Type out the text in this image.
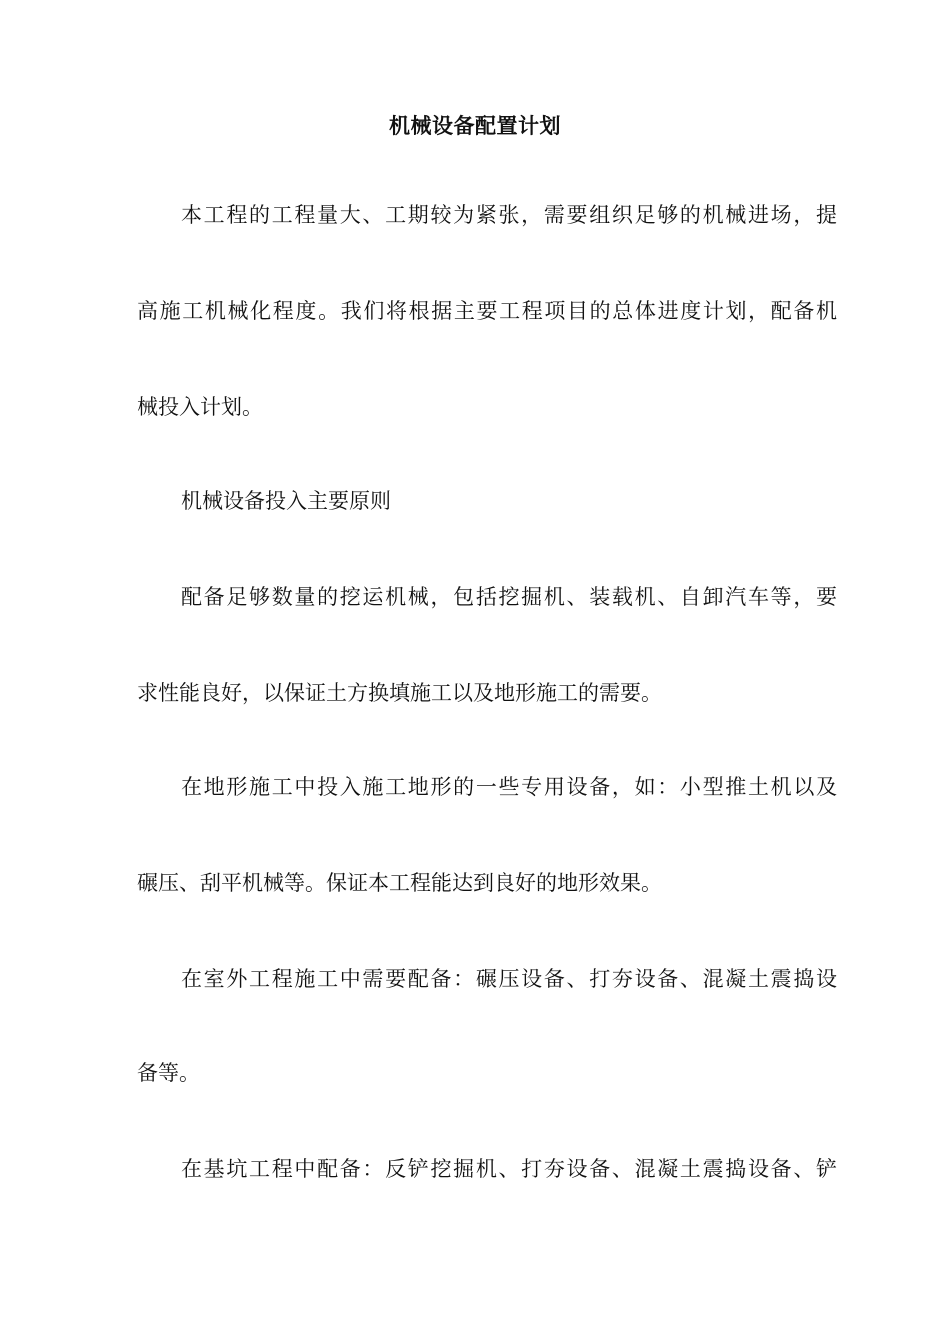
机械设备配置计划
本工程的工程量大、工期较为紧张，需要组织足够的机械进场，提
高施工机械化程度。我们将根据主要工程项目的总体进度计划，配备机
械投入计划。
机械设备投入主要原则
配备足够数量的挖运机械，包括挖掘机、装载机、自卸汽车等，要
求性能良好，以保证土方换填施工以及地形施工的需要。
在地形施工中投入施工地形的一些专用设备，如：小型推土机以及
碾压、刮平机械等。保证本工程能达到良好的地形效果。
在室外工程施工中需要配备：碾压设备、打夯设备、混凝土震捣设
备等。
在基坑工程中配备：反铲挖掘机、打夯设备、混凝土震捣设备、铲
